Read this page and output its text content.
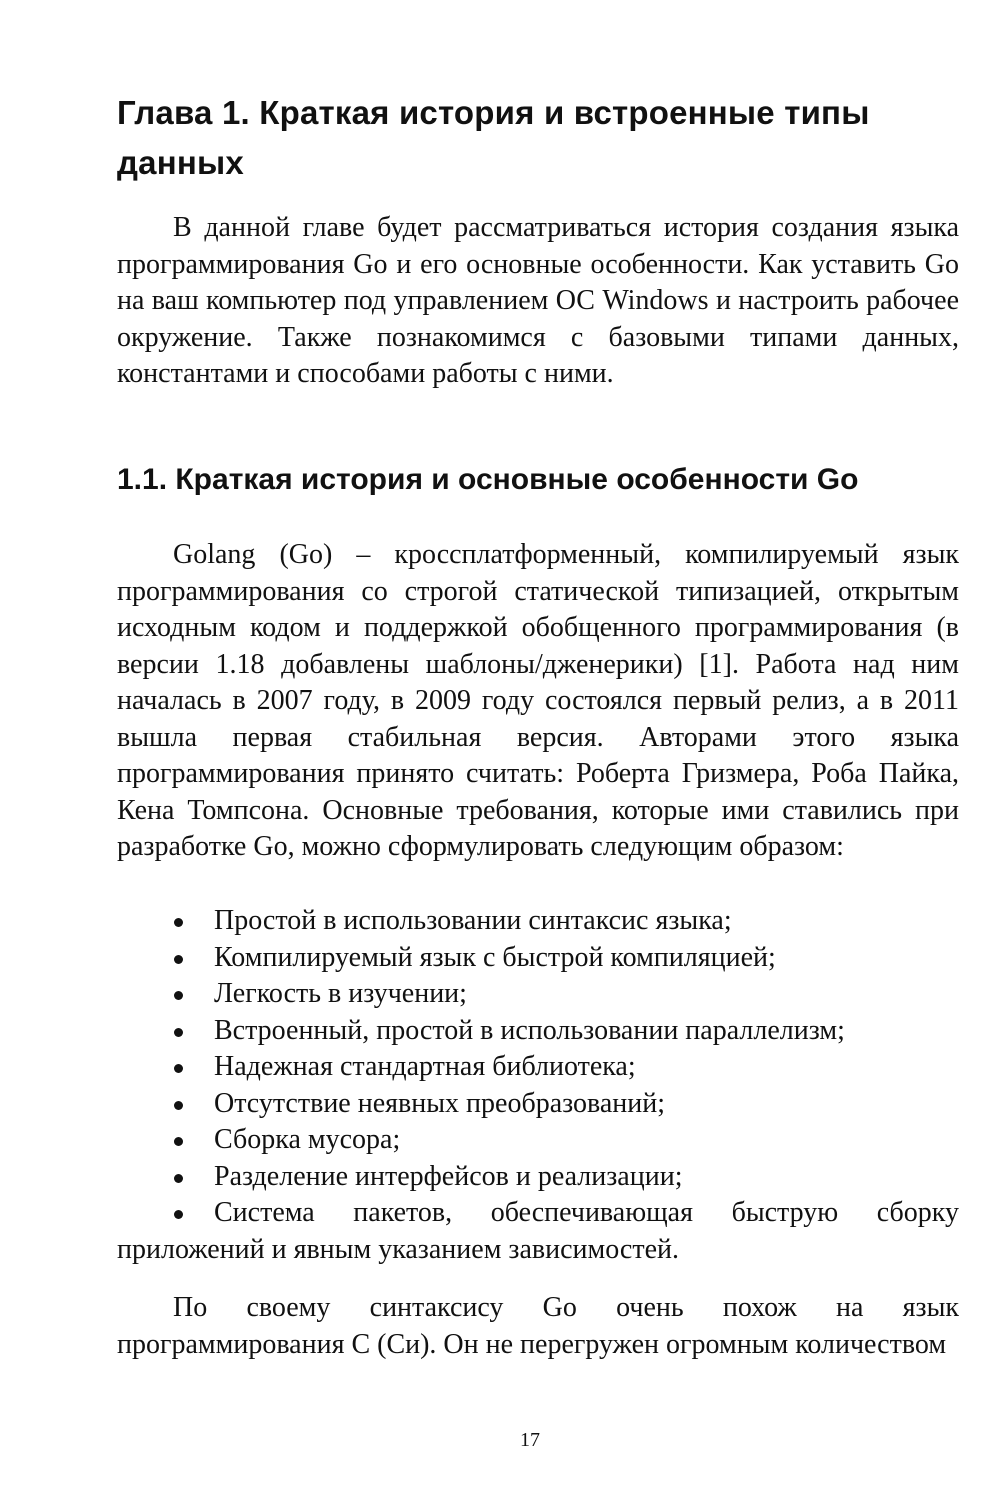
Глава 1. Краткая история и встроенные типы данных

В данной главе будет рассматриваться история создания языка программирования Go и его основные особенности. Как уставить Go на ваш компьютер под управлением ОС Windows и настроить рабочее окружение. Также познакомимся с базовыми типами данных, константами и способами работы с ними.

1.1. Краткая история и основные особенности Go

Golang (Go) – кроссплатформенный, компилируемый язык программирования со строгой статической типизацией, открытым исходным кодом и поддержкой обобщенного программирования (в версии 1.18 добавлены шаблоны/дженерики) [1]. Работа над ним началась в 2007 году, в 2009 году состоялся первый релиз, а в 2011 вышла первая стабильная версия. Авторами этого языка программирования принято считать: Роберта Гризмера, Роба Пайка, Кена Томпсона. Основные требования, которые ими ставились при разработке Go, можно сформулировать следующим образом:

Простой в использовании синтаксис языка;
Компилируемый язык с быстрой компиляцией;
Легкость в изучении;
Встроенный, простой в использовании параллелизм;
Надежная стандартная библиотека;
Отсутствие неявных преобразований;
Сборка мусора;
Разделение интерфейсов и реализации;
Система пакетов, обеспечивающая быструю сборку приложений и явным указанием зависимостей.

По своему синтаксису Go очень похож на язык программирования С (Си). Он не перегружен огромным количеством

17
